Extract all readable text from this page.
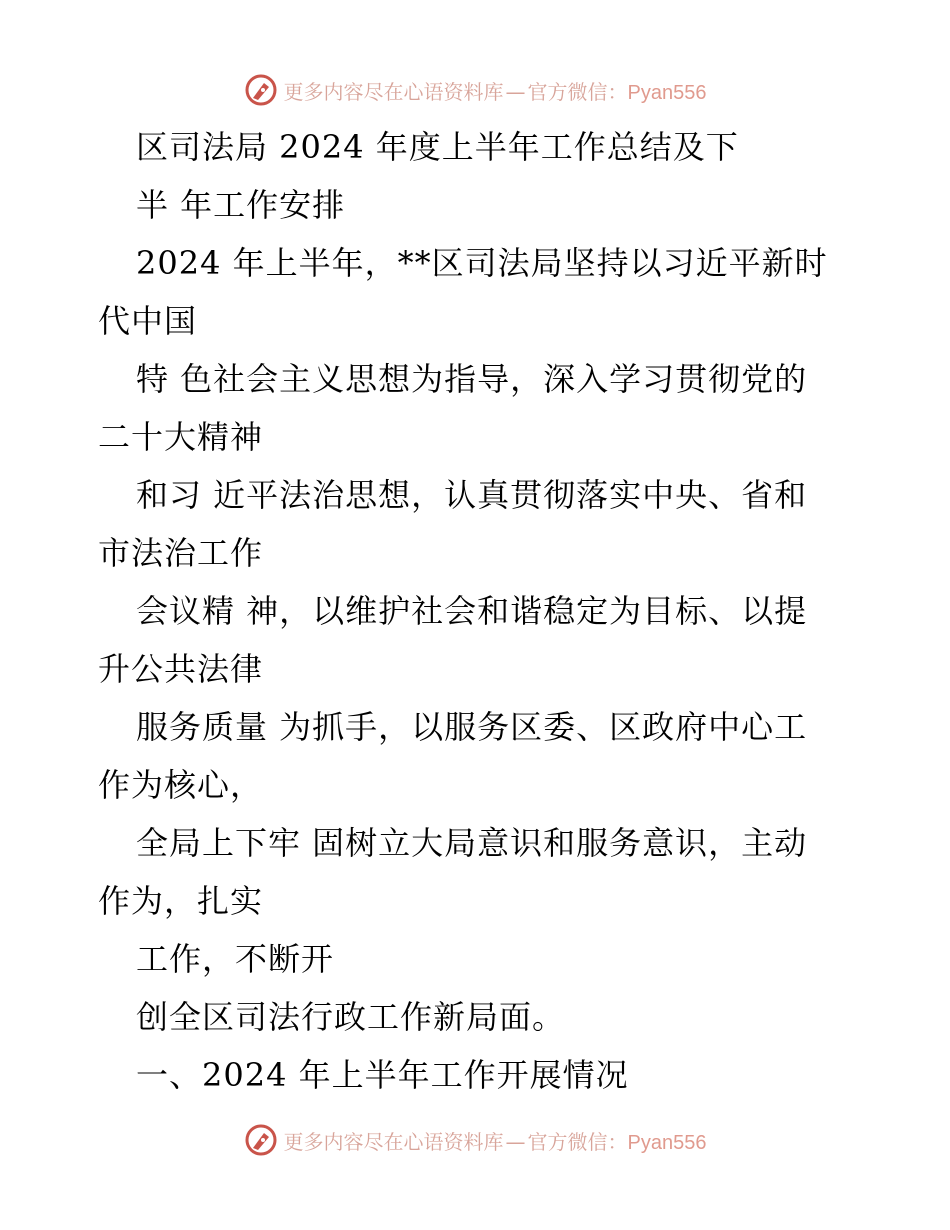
更多内容尽在心语资料库 — 官方微信：Pyan556
区司法局 2024 年度上半年工作总结及下
半 年工作安排
2024 年上半年，**区司法局坚持以习近平新时
代中国
特 色社会主义思想为指导，深入学习贯彻党的
二十大精神
和习 近平法治思想，认真贯彻落实中央、省和
市法治工作
会议精 神，以维护社会和谐稳定为目标、以提
升公共法律
服务质量 为抓手，以服务区委、区政府中心工
作为核心，
全局上下牢 固树立大局意识和服务意识，主动
作为，扎实
工作，不断开
创全区司法行政工作新局面。
一、2024 年上半年工作开展情况
更多内容尽在心语资料库 — 官方微信：Pyan556
